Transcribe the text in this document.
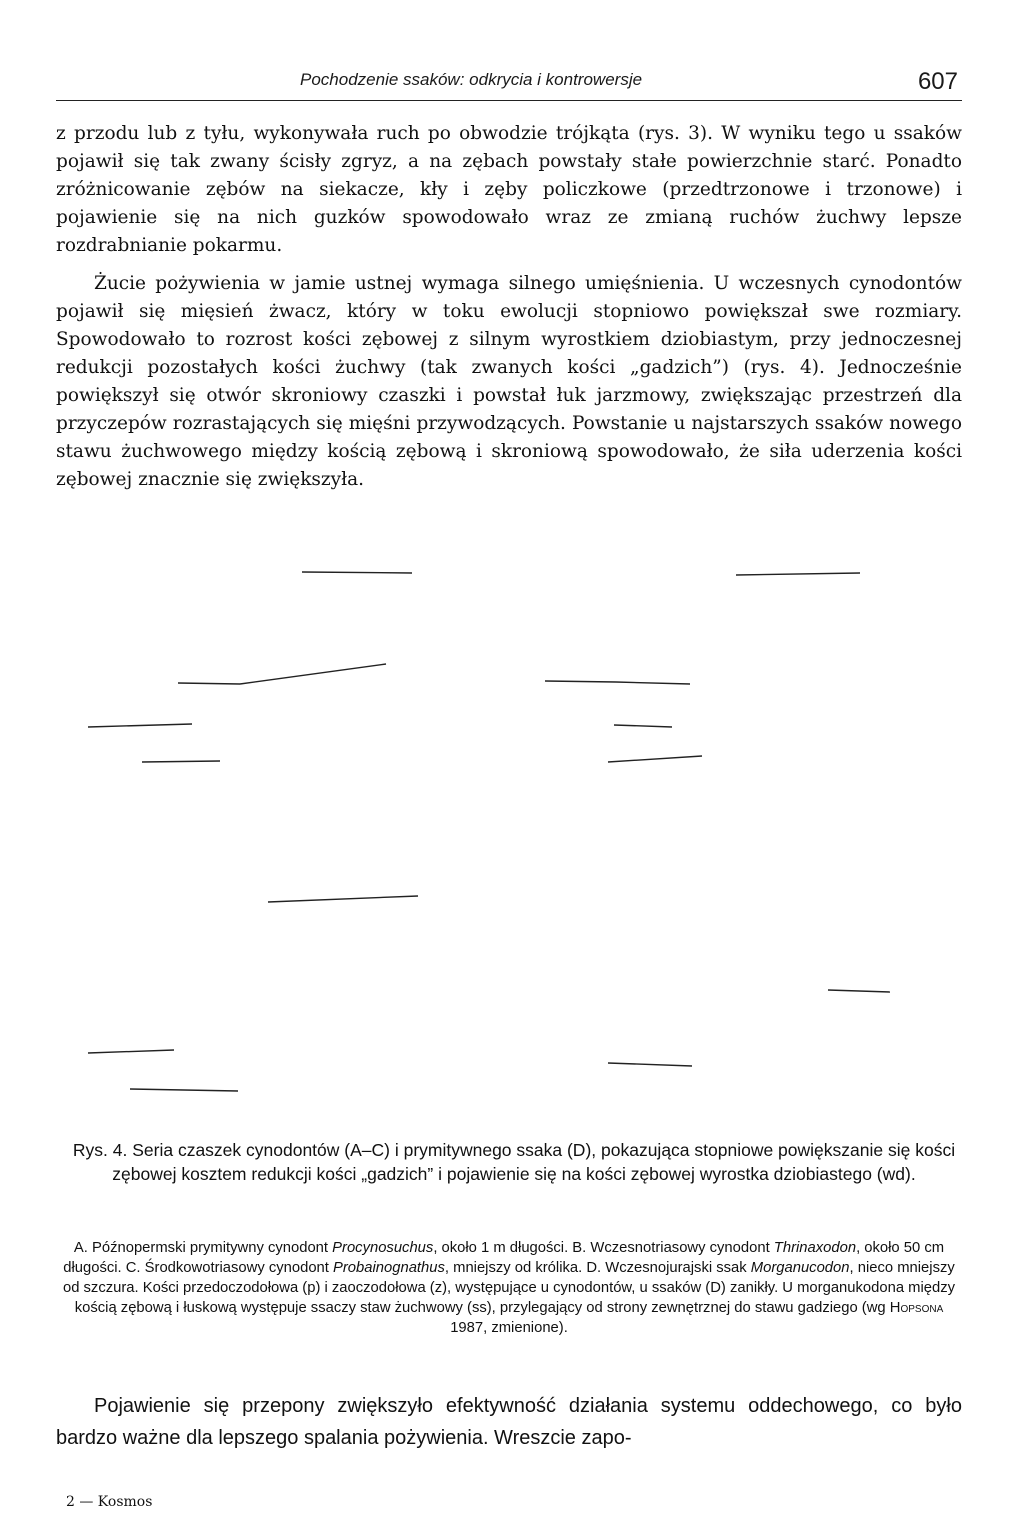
Pochodzenie ssaków: odkrycia i kontrowersje	607

z przodu lub z tyłu, wykonywała ruch po obwodzie trójkąta (rys. 3). W wyniku tego u ssaków pojawił się tak zwany ścisły zgryz, a na zębach powstały stałe powierzchnie starć. Ponadto zróżnicowanie zębów na siekacze, kły i zęby policzkowe (przedtrzonowe i trzonowe) i pojawienie się na nich guzków spowodowało wraz ze zmianą ruchów żuchwy lepsze rozdrabnianie pokarmu.

Żucie pożywienia w jamie ustnej wymaga silnego umięśnienia. U wczesnych cynodontów pojawił się mięsień żwacz, który w toku ewolucji stopniowo powiększał swe rozmiary. Spowodowało to rozrost kości zębowej z silnym wyrostkiem dziobiastym, przy jednoczesnej redukcji pozostałych kości żuchwy (tak zwanych kości „gadzich”) (rys. 4). Jednocześnie powiększył się otwór skroniowy czaszki i powstał łuk jarzmowy, zwiększając przestrzeń dla przyczepów rozrastających się mięśni przywodzących. Powstanie u najstarszych ssaków nowego stawu żuchwowego między kością zębową i skroniową spowodowało, że siła uderzenia kości zębowej znacznie się zwiększyła.

Rys. 4. Seria czaszek cynodontów (A–C) i prymitywnego ssaka (D), pokazująca stopniowe powiększanie się kości zębowej kosztem redukcji kości „gadzich” i pojawienie się na kości zębowej wyrostka dziobiastego (wd).

A. Późnopermski prymitywny cynodont Procynosuchus, około 1 m długości. B. Wczesnotriasowy cynodont Thrinaxodon, około 50 cm długości. C. Środkowotriasowy cynodont Probainognathus, mniejszy od królika. D. Wczesnojurajski ssak Morganucodon, nieco mniejszy od szczura. Kości przedoczodołowa (p) i zaoczodołowa (z), występujące u cynodontów, u ssaków (D) zanikły. U morganukodona między kością zębową i łuskową występuje ssaczy staw żuchwowy (ss), przylegający od strony zewnętrznej do stawu gadziego (wg Hopsona 1987, zmienione).

Pojawienie się przepony zwiększyło efektywność działania systemu oddechowego, co było bardzo ważne dla lepszego spalania pożywienia. Wreszcie zapo-

2 — Kosmos
